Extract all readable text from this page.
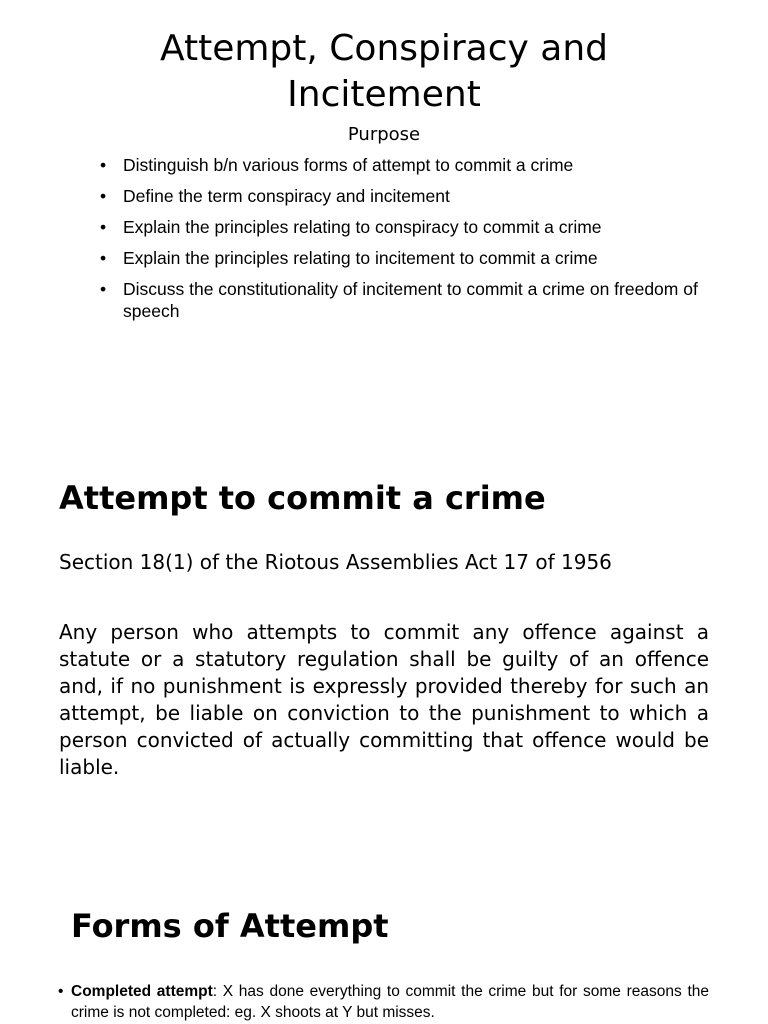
Attempt, Conspiracy and
Incitement
Purpose
• Distinguish b/n various forms of attempt to commit a crime
• Define the term conspiracy and incitement
• Explain the principles relating to conspiracy to commit a crime
• Explain the principles relating to incitement to commit a crime
• Discuss the constitutionality of incitement to commit a crime on freedom of speech
Attempt to commit a crime
Section 18(1) of the Riotous Assemblies Act 17 of 1956
Any person who attempts to commit any offence against a statute or a statutory regulation shall be guilty of an offence and, if no punishment is expressly provided thereby for such an attempt, be liable on conviction to the punishment to which a person convicted of actually committing that offence would be liable.
Forms of Attempt
• Completed attempt: X has done everything to commit the crime but for some reasons the crime is not completed: eg. X shoots at Y but misses.
